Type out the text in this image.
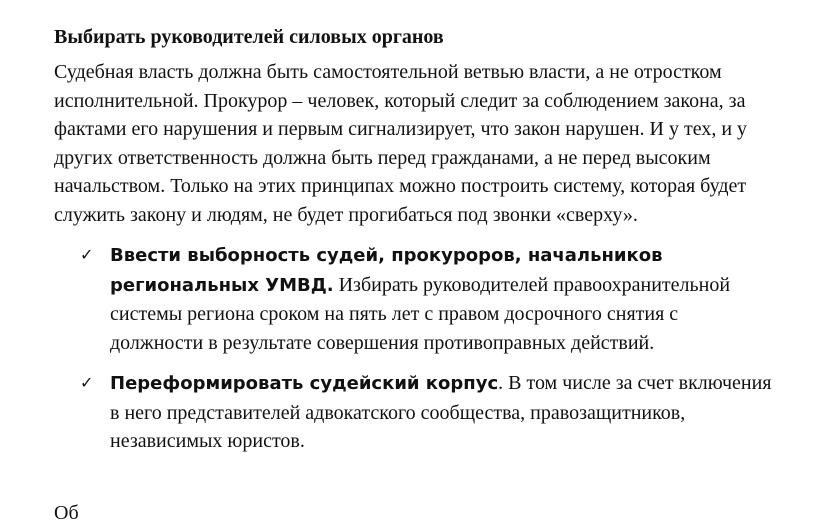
Выбирать руководителей силовых органов

Судебная власть должна быть самостоятельной ветвью власти, а не отростком исполнительной. Прокурор – человек, который следит за соблюдением закона, за фактами его нарушения и первым сигнализирует, что закон нарушен. И у тех, и у других ответственность должна быть перед гражданами, а не перед высоким начальством. Только на этих принципах можно построить систему, которая будет служить закону и людям, не будет прогибаться под звонки «сверху».

✓ Ввести выборность судей, прокуроров, начальников региональных УМВД. Избирать руководителей правоохранительной системы региона сроком на пять лет с правом досрочного снятия с должности в результате совершения противоправных действий.
✓ Переформировать судейский корпус. В том числе за счет включения в него представителей адвокатского сообщества, правозащитников, независимых юристов.
Об
